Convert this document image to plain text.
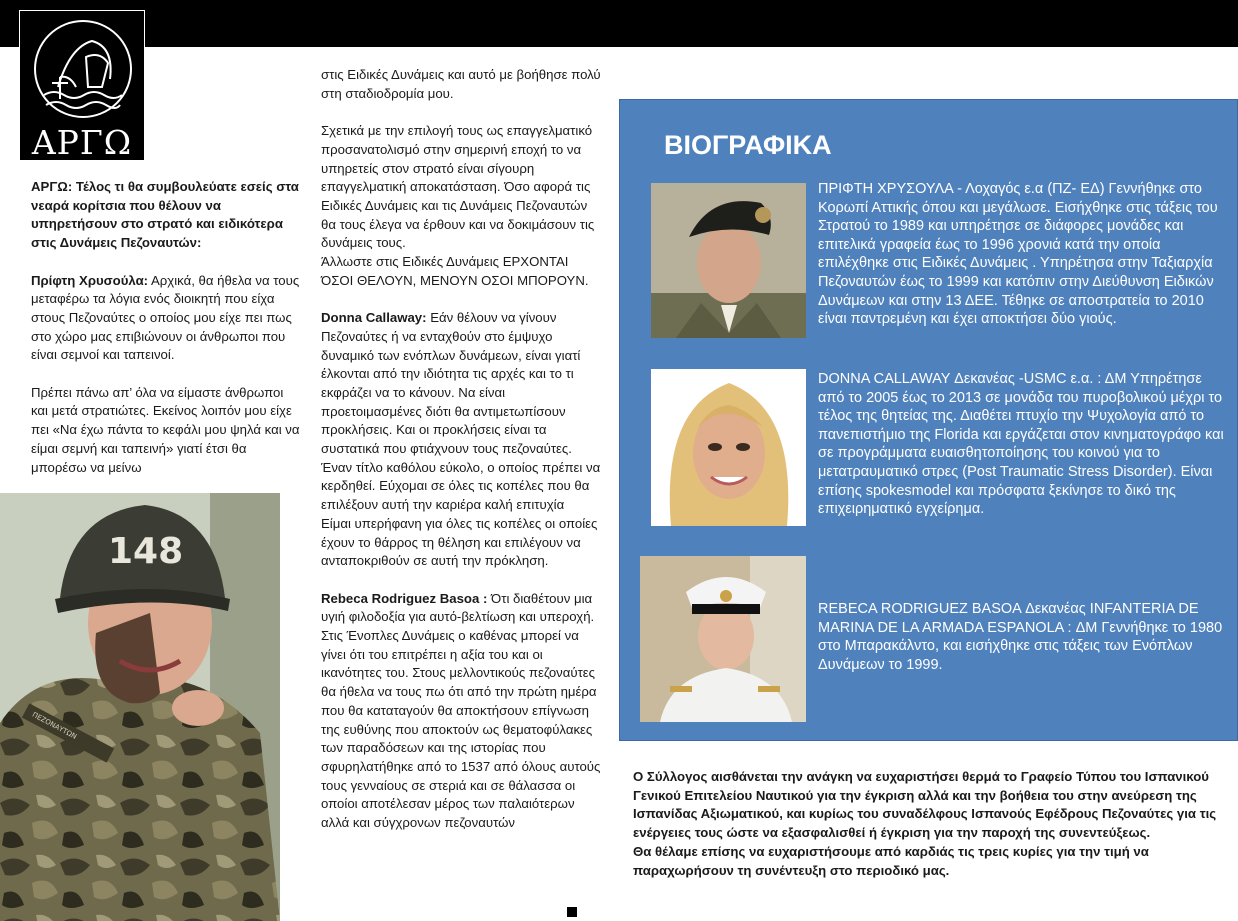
ΑΡΓΩ

ΑΡΓΩ: Τέλος τι θα συμβουλεύατε εσείς στα νεαρά κορίτσια που θέλουν να υπηρετήσουν στο στρατό και ειδικότερα στις Δυνάμεις Πεζοναυτών:

Πρίφτη Χρυσούλα: Αρχικά, θα ήθελα να τους μεταφέρω τα λόγια ενός διοικητή που είχα στους Πεζοναύτες ο οποίος μου είχε πει πως στο χώρο μας επιβιώνουν οι άνθρωποι που είναι σεμνοί και ταπεινοί.

Πρέπει πάνω απ’ όλα να είμαστε άνθρωποι και μετά στρατιώτες. Εκείνος λοιπόν μου είχε πει «Να έχω πάντα το κεφάλι μου ψηλά και να είμαι σεμνή και ταπεινή» γιατί έτσι θα μπορέσω να μείνω

148
ΠΕΖΟΝΑΥΤΩΝ

στις Ειδικές Δυνάμεις και αυτό με βοήθησε πολύ στη σταδιοδρομία μου.

Σχετικά με την επιλογή τους ως επαγγελματικό προσανατολισμό στην σημερινή εποχή το να υπηρετείς στον στρατό είναι σίγουρη επαγγελματική αποκατάσταση. Όσο αφορά τις Ειδικές Δυνάμεις και τις Δυνάμεις Πεζοναυτών θα τους έλεγα να έρθουν και να δοκιμάσουν τις δυνάμεις τους.

Άλλωστε στις Ειδικές Δυνάμεις ΕΡΧΟΝΤΑΙ ΌΣΟΙ ΘΕΛΟΥΝ, ΜΕΝΟΥΝ ΟΣΟΙ ΜΠΟΡΟΥΝ.

Donna Callaway: Εάν θέλουν να γίνουν Πεζοναύτες ή να ενταχθούν στο έμψυχο δυναμικό των ενόπλων δυνάμεων, είναι γιατί έλκονται από την ιδιότητα τις αρχές και το τι εκφράζει να το κάνουν. Να είναι προετοιμασμένες διότι θα αντιμετωπίσουν προκλήσεις. Και οι προκλήσεις είναι τα συστατικά που φτιάχνουν τους πεζοναύτες. Έναν τίτλο καθόλου εύκολο, ο οποίος πρέπει να κερδηθεί. Εύχομαι σε όλες τις κοπέλες που θα επιλέξουν αυτή την καριέρα καλή επιτυχία

Είμαι υπερήφανη για όλες τις κοπέλες οι οποίες έχουν το θάρρος τη θέληση και επιλέγουν να ανταποκριθούν σε αυτή την πρόκληση.

Rebeca Rodriguez Basoa : Ότι διαθέτουν μια υγιή φιλοδοξία για αυτό-βελτίωση και υπεροχή. Στις Ένοπλες Δυνάμεις ο καθένας μπορεί να γίνει ότι του επιτρέπει η αξία του και οι ικανότητες του. Στους μελλοντικούς πεζοναύτες θα ήθελα να τους πω ότι από την πρώτη ημέρα που θα καταταγούν θα αποκτήσουν επίγνωση της ευθύνης που αποκτούν ως θεματοφύλακες των παραδόσεων και της ιστορίας που σφυρηλατήθηκε από το 1537 από όλους αυτούς τους γενναίους σε στεριά και σε θάλασσα οι οποίοι αποτέλεσαν μέρος των παλαιότερων αλλά και σύγχρονων πεζοναυτών

ΒΙΟΓΡΑΦΙΚΑ
ΠΡΙΦΤΗ ΧΡΥΣΟΥΛΑ - Λοχαγός ε.α (ΠΖ- ΕΔ) Γεννήθηκε στο Κορωπί Αττικής όπου και μεγάλωσε. Εισήχθηκε στις τάξεις του Στρατού το 1989 και υπηρέτησε σε διάφορες μονάδες και επιτελικά γραφεία έως το 1996 χρονιά κατά την οποία επιλέχθηκε στις Ειδικές Δυνάμεις . Υπηρέτησα στην Ταξιαρχία Πεζοναυτών έως το 1999 και κατόπιν στην Διεύθυνση Ειδικών Δυνάμεων και στην 13 ΔΕΕ. Τέθηκε σε αποστρατεία το 2010 είναι παντρεμένη και έχει αποκτήσει δύο γιούς.
DONNA CALLAWAY Δεκανέας -USMC ε.α. : ΔΜ Υπηρέτησε από το 2005 έως το 2013 σε μονάδα του πυροβολικού μέχρι το τέλος της θητείας της. Διαθέτει πτυχίο την Ψυχολογία από το πανεπιστήμιο της Florida και εργάζεται στον κινηματογράφο και σε προγράμματα ευαισθητοποίησης του κοινού για το μετατραυματικό στρες (Post Traumatic Stress Disorder). Είναι επίσης spokesmodel και πρόσφατα ξεκίνησε το δικό της επιχειρηματικό εγχείρημα.
REBECA RODRIGUEZ BASOA Δεκανέας INFANTERIA DE MARINA DE LA ARMADA ESPANOLA : ΔΜ Γεννήθηκε το 1980 στο Μπαρακάλντο, και εισήχθηκε στις τάξεις των Ενόπλων Δυνάμεων το 1999.
Ο Σύλλογος αισθάνεται την ανάγκη να ευχαριστήσει θερμά το Γραφείο Τύπου του Ισπανικού Γενικού Επιτελείου Ναυτικού για την έγκριση αλλά και την βοήθεια του στην ανεύρεση της Ισπανίδας Αξιωματικού, και κυρίως του συναδέλφους Ισπανούς Εφέδρους Πεζοναύτες για τις ενέργειες τους ώστε να εξασφαλισθεί ή έγκριση για την παροχή της συνεντεύξεως.
Θα θέλαμε επίσης να ευχαριστήσουμε από καρδιάς τις τρεις κυρίες για την τιμή να παραχωρήσουν τη συνέντευξη στο περιοδικό μας.
